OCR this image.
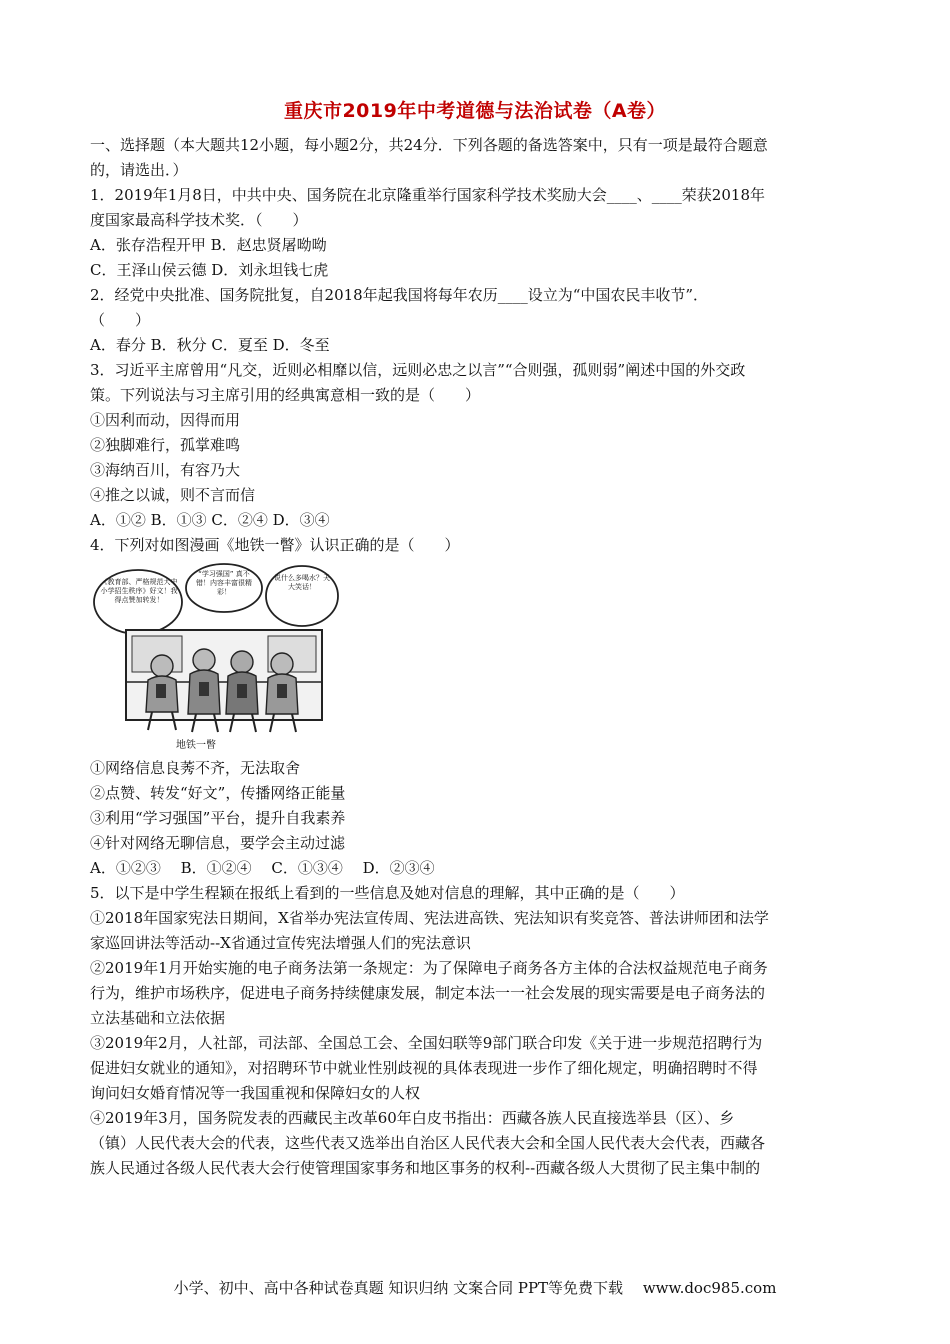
重庆市2019年中考道德与法治试卷（A卷）

一、选择题（本大题共12小题，每小题2分，共24分．下列各题的备选答案中，只有一项是最符合题意

的，请选出．）

1．2019年1月8日，中共中央、国务院在北京隆重举行国家科学技术奖励大会____、____荣获2018年

度国家最高科学技术奖．（　　）

A．张存浩程开甲 B．赵忠贤屠呦呦

C．王泽山侯云德 D．刘永坦钱七虎

2．经党中央批准、国务院批复，自2018年起我国将每年农历____设立为“中国农民丰收节”．

（　　）

A．春分 B．秋分 C．夏至 D．冬至

3．习近平主席曾用“凡交，近则必相靡以信，远则必忠之以言”“合则强，孤则弱”阐述中国的外交政

策。下列说法与习主席引用的经典寓意相一致的是（　　）

①因利而动，因得而用

②独脚难行，孤掌难鸣

③海纳百川，有容乃大

④推之以诚，则不言而信

A．①② B．①③ C．②④ D．③④

4．下列对如图漫画《地铁一瞥》认识正确的是（　　）

《教育部、严格规范大中小学招生秩序》好文！我得点赞加转发！
“学习强国” 真不错！内容丰富很精彩！
说什么多喝水？天大笑话！
地铁一瞥

①网络信息良莠不齐，无法取舍

②点赞、转发“好文”，传播网络正能量

③利用“学习强国”平台，提升自我素养

④针对网络无聊信息，要学会主动过滤

A．①②③　 B．①②④　 C．①③④　 D．②③④

5．以下是中学生程颖在报纸上看到的一些信息及她对信息的理解，其中正确的是（　　）

①2018年国家宪法日期间，X省举办宪法宣传周、宪法进高铁、宪法知识有奖竞答、普法讲师团和法学

家巡回讲法等活动--X省通过宣传宪法增强人们的宪法意识

②2019年1月开始实施的电子商务法第一条规定：为了保障电子商务各方主体的合法权益规范电子商务

行为，维护市场秩序，促进电子商务持续健康发展，制定本法一一社会发展的现实需要是电子商务法的

立法基础和立法依据

③2019年2月，人社部，司法部、全国总工会、全国妇联等9部门联合印发《关于进一步规范招聘行为

促进妇女就业的通知》，对招聘环节中就业性别歧视的具体表现进一步作了细化规定，明确招聘时不得

询问妇女婚育情况等一我国重视和保障妇女的人权

④2019年3月，国务院发表的西藏民主改革60年白皮书指出：西藏各族人民直接选举县（区）、乡

（镇）人民代表大会的代表，这些代表又选举出自治区人民代表大会和全国人民代表大会代表，西藏各

族人民通过各级人民代表大会行使管理国家事务和地区事务的权利--西藏各级人大贯彻了民主集中制的

小学、初中、高中各种试卷真题 知识归纳 文案合同 PPT等免费下载　 www.doc985.com
